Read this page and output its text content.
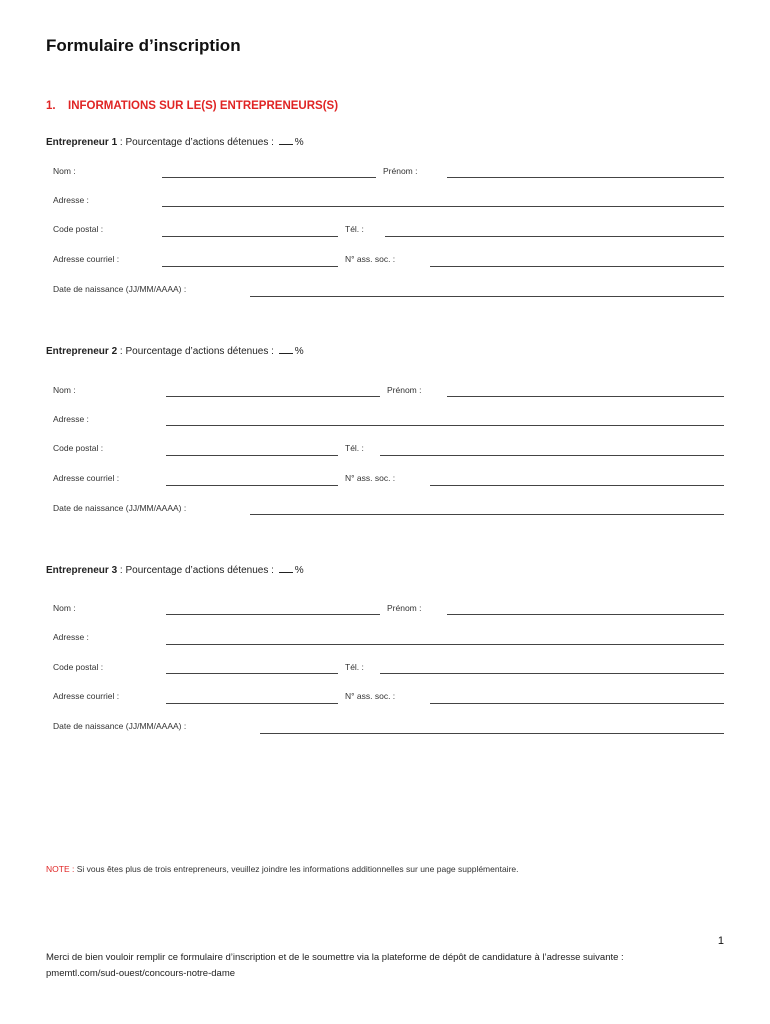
Formulaire d’inscription
1. INFORMATIONS SUR LE(S) ENTREPRENEURS(S)
Entrepreneur 1 : Pourcentage d’actions détenues : %
Nom :	Prénom :
Adresse :
Code postal :	Tél. :
Adresse courriel :	N° ass. soc. :
Date de naissance (JJ/MM/AAAA) :
Entrepreneur 2 : Pourcentage d’actions détenues : %
Nom :	Prénom :
Adresse :
Code postal :	Tél. :
Adresse courriel :	N° ass. soc. :
Date de naissance (JJ/MM/AAAA) :
Entrepreneur 3 : Pourcentage d’actions détenues : %
Nom :	Prénom :
Adresse :
Code postal :	Tél. :
Adresse courriel :	N° ass. soc. :
Date de naissance (JJ/MM/AAAA) :
NOTE : Si vous êtes plus de trois entrepreneurs, veuillez joindre les informations additionnelles sur une page supplémentaire.
1
Merci de bien vouloir remplir ce formulaire d’inscription et de le soumettre via la plateforme de dépôt de candidature à l’adresse suivante :
pmemtl.com/sud-ouest/concours-notre-dame
